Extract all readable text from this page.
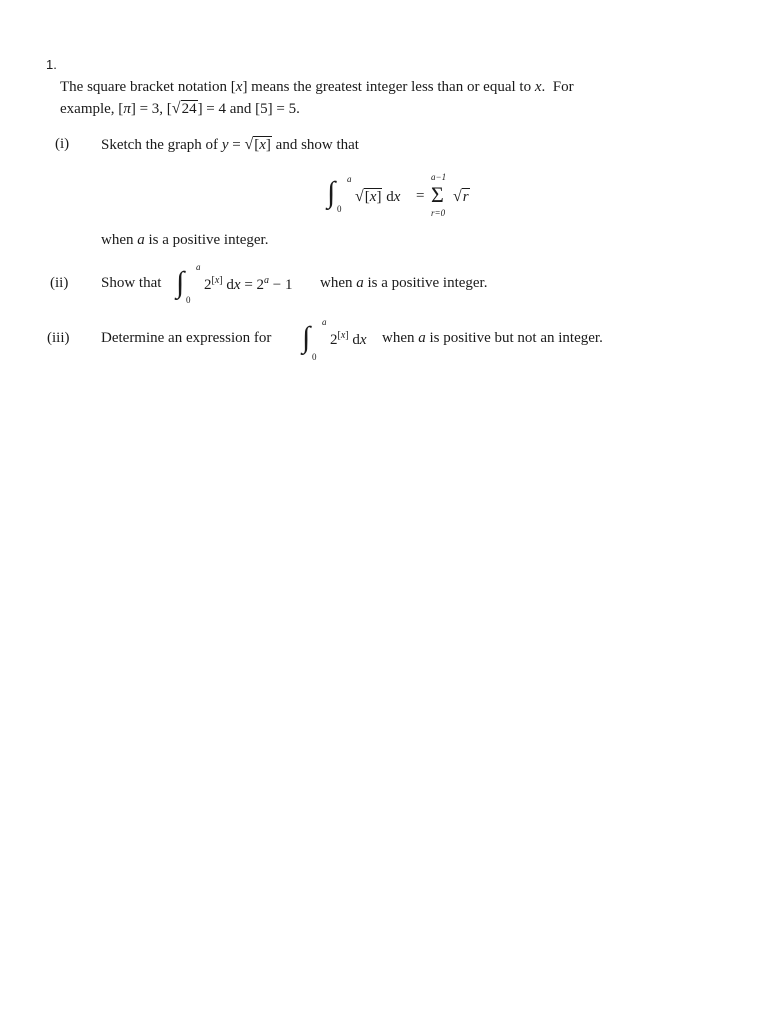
1.
The square bracket notation [x] means the greatest integer less than or equal to x.  For
example, [π] = 3, [√24] = 4 and [5] = 5.
(i) Sketch the graph of y = √[x] and show that
∫ a
0
√[x] dx =
a−1
Σ
r=0
√r
when a is a positive integer.
(ii) Show that ∫ a
0
2[x] dx = $2^a - 1$ when a is a positive integer.
(iii) Determine an expression for ∫ a
0
2[x] dx when a is positive but not an integer.
